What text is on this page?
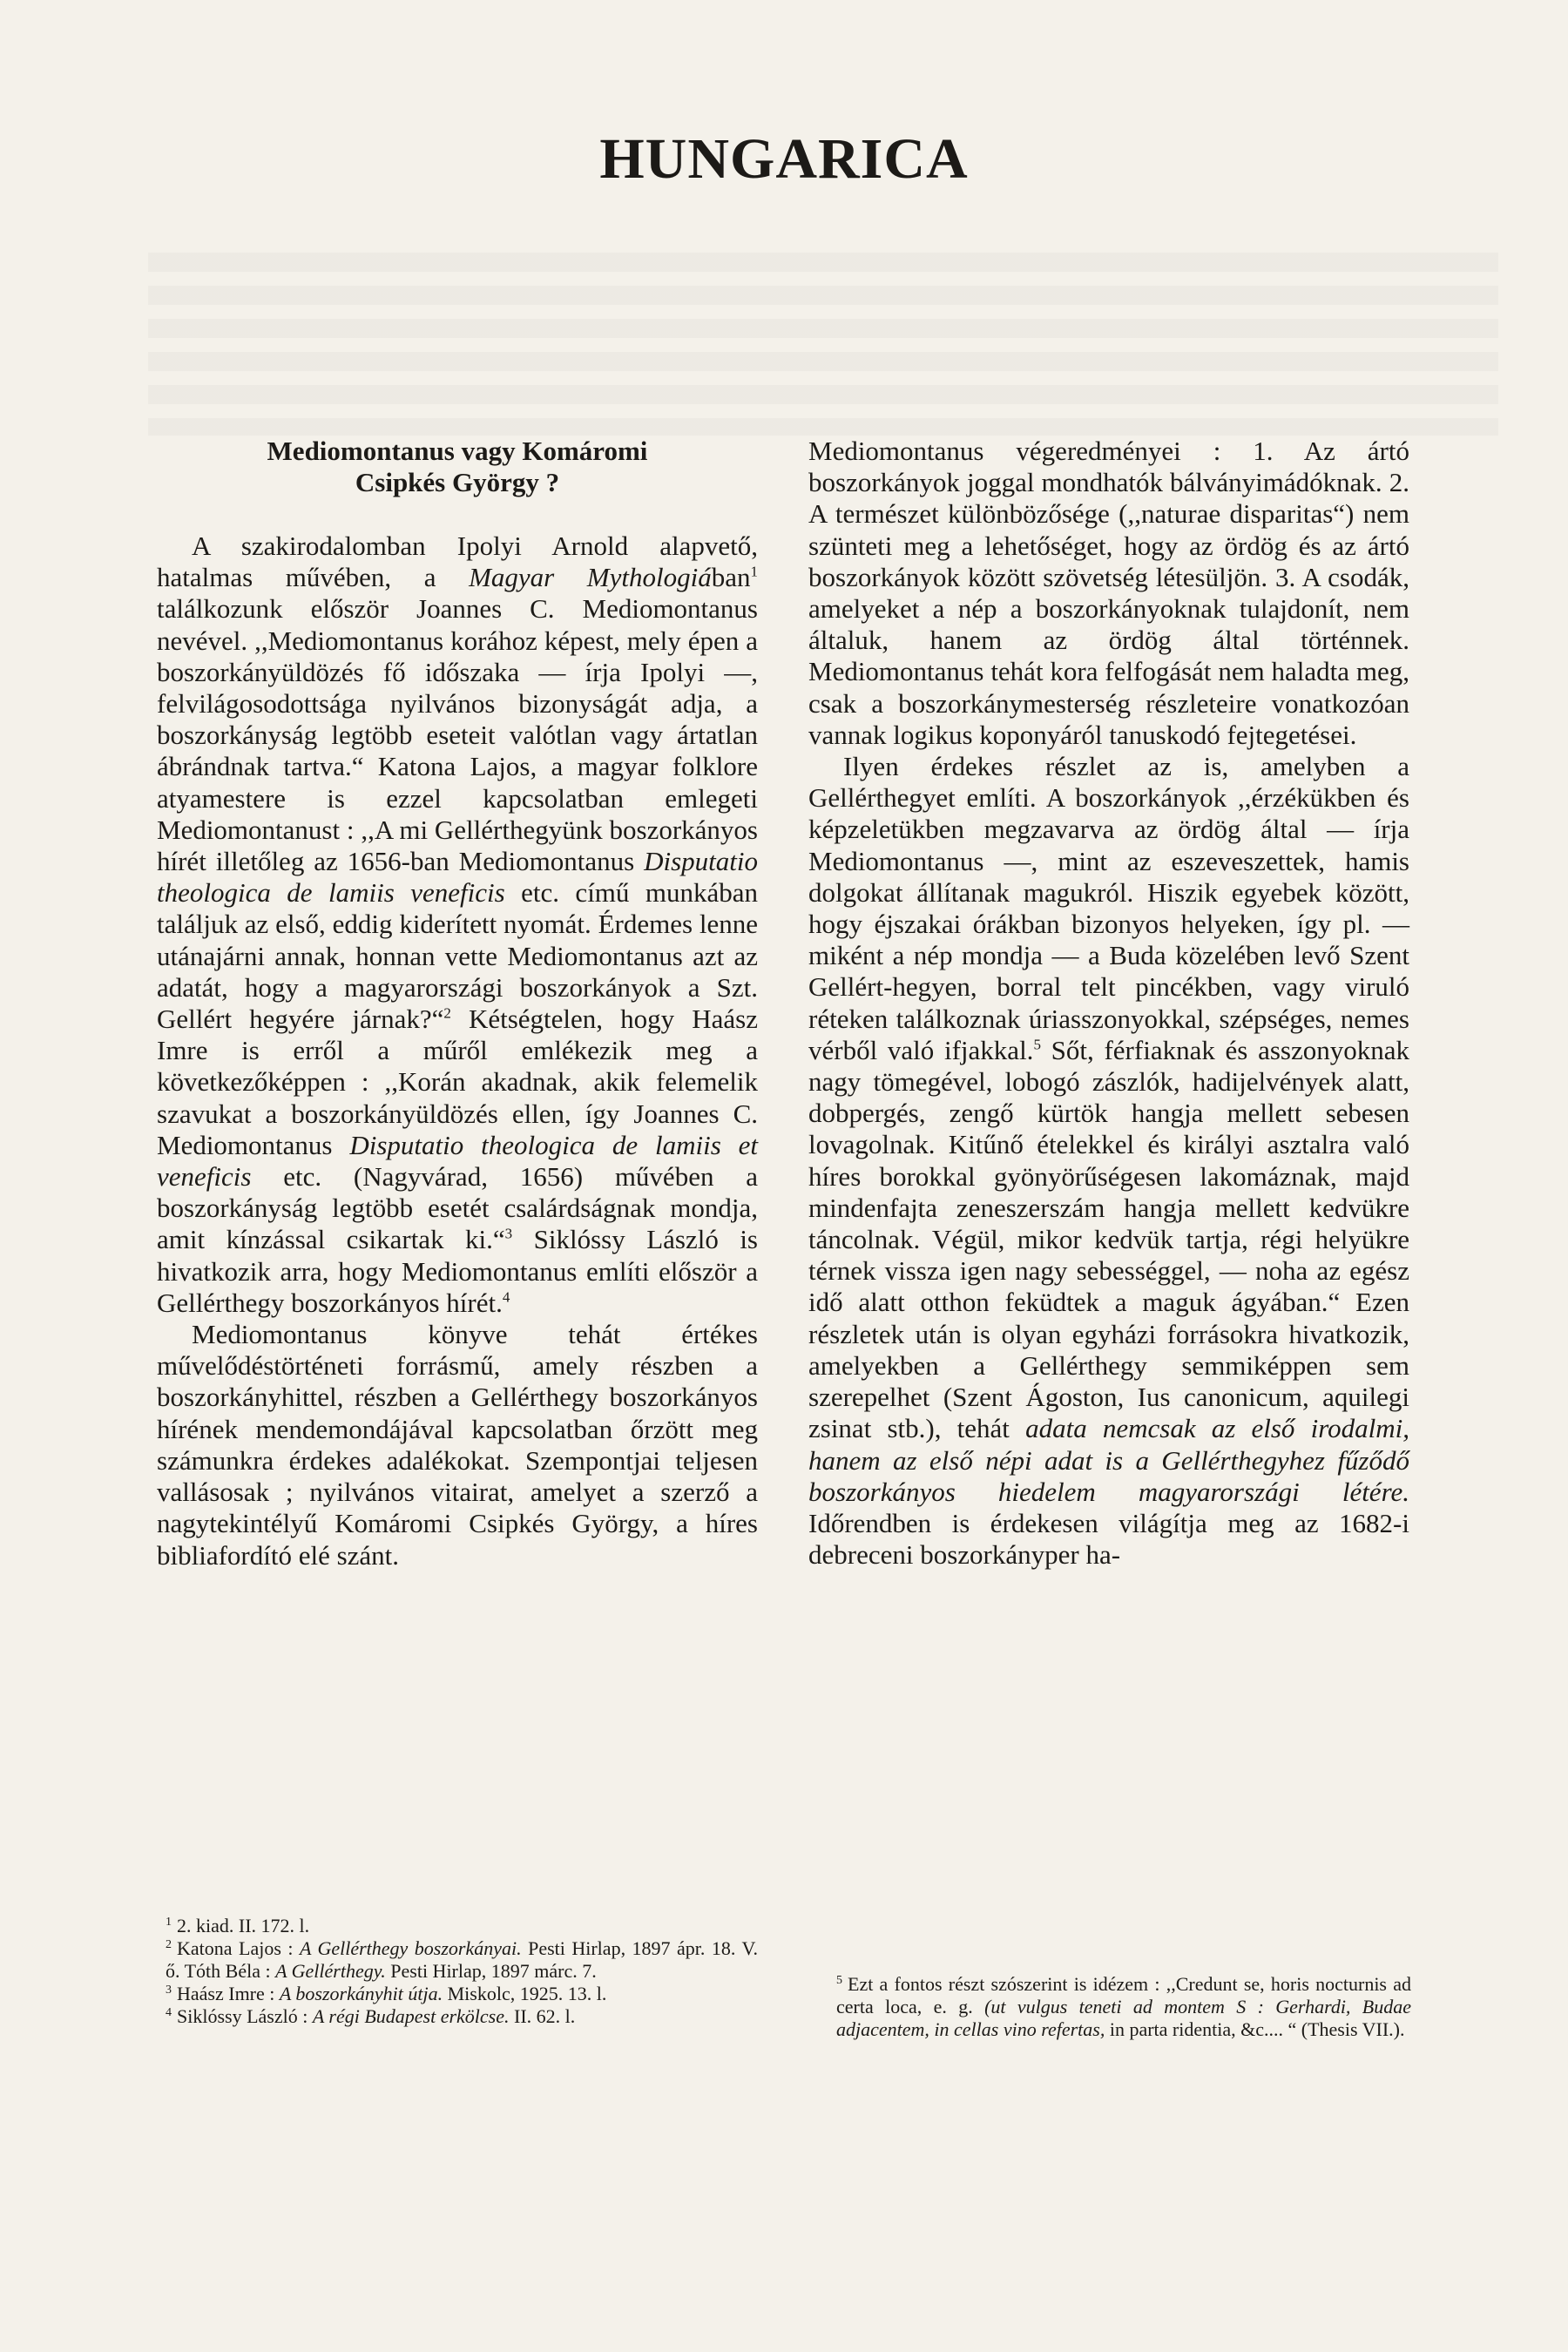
HUNGARICA
Mediomontanus vagy Komáromi
Csipkés György ?

A szakirodalomban Ipolyi Arnold alapvető, hatalmas művében, a Magyar Mythologiában$^1$ találkozunk először Joannes C. Mediomontanus nevével. ,,Mediomontanus korához képest, mely épen a boszorkányüldözés fő időszaka — írja Ipolyi —, felvilágosodottsága nyilvános bizonyságát adja, a boszorkányság legtöbb eseteit valótlan vagy ártatlan ábrándnak tartva.“ Katona Lajos, a magyar folklore atyamestere is ezzel kapcsolatban emlegeti Mediomontanust : ,,A mi Gellérthegyünk boszorkányos hírét illetőleg az 1656-ban Mediomontanus Disputatio theologica de lamiis veneficis etc. című munkában találjuk az első, eddig kiderített nyomát. Érdemes lenne utánajárni annak, honnan vette Mediomontanus azt az adatát, hogy a magyarországi boszorkányok a Szt. Gellért hegyére járnak?“$^2$ Kétségtelen, hogy Haász Imre is erről a műről emlékezik meg a következőképpen : ,,Korán akadnak, akik felemelik szavukat a boszorkányüldözés ellen, így Joannes C. Mediomontanus Disputatio theologica de lamiis et veneficis etc. (Nagyvárad, 1656) művében a boszorkányság legtöbb esetét csalárdságnak mondja, amit kínzással csikartak ki.“$^3$ Siklóssy László is hivatkozik arra, hogy Mediomontanus említi először a Gellérthegy boszorkányos hírét.$^4$

Mediomontanus könyve tehát értékes művelődéstörténeti forrásmű, amely részben a boszorkányhittel, részben a Gellérthegy boszorkányos hírének mendemondájával kapcsolatban őrzött meg számunkra érdekes adalékokat. Szempontjai teljesen vallásosak ; nyilvános vitairat, amelyet a szerző a nagytekintélyű Komáromi Csipkés György, a híres bibliafordító elé szánt.

Mediomontanus végeredményei : 1. Az ártó boszorkányok joggal mondhatók bálványimádóknak. 2. A természet különbözősége (,,naturae disparitas“) nem szünteti meg a lehetőséget, hogy az ördög és az ártó boszorkányok között szövetség létesüljön. 3. A csodák, amelyeket a nép a boszorkányoknak tulajdonít, nem általuk, hanem az ördög által történnek. Mediomontanus tehát kora felfogását nem haladta meg, csak a boszorkánymesterség részleteire vonatkozóan vannak logikus koponyáról tanuskodó fejtegetései.

Ilyen érdekes részlet az is, amelyben a Gellérthegyet említi. A boszorkányok ,,érzékükben és képzeletükben megzavarva az ördög által — írja Mediomontanus —, mint az eszeveszettek, hamis dolgokat állítanak magukról. Hiszik egyebek között, hogy éjszakai órákban bizonyos helyeken, így pl. — miként a nép mondja — a Buda közelében levő Szent Gellért-hegyen, borral telt pincékben, vagy viruló réteken találkoznak úriasszonyokkal, szépséges, nemes vérből való ifjakkal.$^5$ Sőt, férfiaknak és asszonyoknak nagy tömegével, lobogó zászlók, hadijelvények alatt, dobpergés, zengő kürtök hangja mellett sebesen lovagolnak. Kitűnő ételekkel és királyi asztalra való híres borokkal gyönyörűségesen lakomáznak, majd mindenfajta zeneszerszám hangja mellett kedvükre táncolnak. Végül, mikor kedvük tartja, régi helyükre térnek vissza igen nagy sebességgel, — noha az egész idő alatt otthon feküdtek a maguk ágyában.“ Ezen részletek után is olyan egyházi forrásokra hivatkozik, amelyekben a Gellérthegy semmiképpen sem szerepelhet (Szent Ágoston, Ius canonicum, aquilegi zsinat stb.), tehát adata nemcsak az első irodalmi, hanem az első népi adat is a Gellérthegyhez fűződő boszorkányos hiedelem magyarországi létére. Időrendben is érdekesen világítja meg az 1682-i debreceni boszorkányper ha-

$^1$ 2. kiad. II. 172. l.

$^2$ Katona Lajos : A Gellérthegy boszorkányai. Pesti Hirlap, 1897 ápr. 18. V. ő. Tóth Béla : A Gellérthegy. Pesti Hirlap, 1897 márc. 7.

$^3$ Haász Imre : A boszorkányhit útja. Miskolc, 1925. 13. l.

$^4$ Siklóssy László : A régi Budapest erkölcse. II. 62. l.

$^5$ Ezt a fontos részt szószerint is idézem : ,,Credunt se, horis nocturnis ad certa loca, e. g. (ut vulgus teneti ad montem S : Gerhardi, Budae adjacentem, in cellas vino refertas, in parta ridentia, &c.... “ (Thesis VII.).
